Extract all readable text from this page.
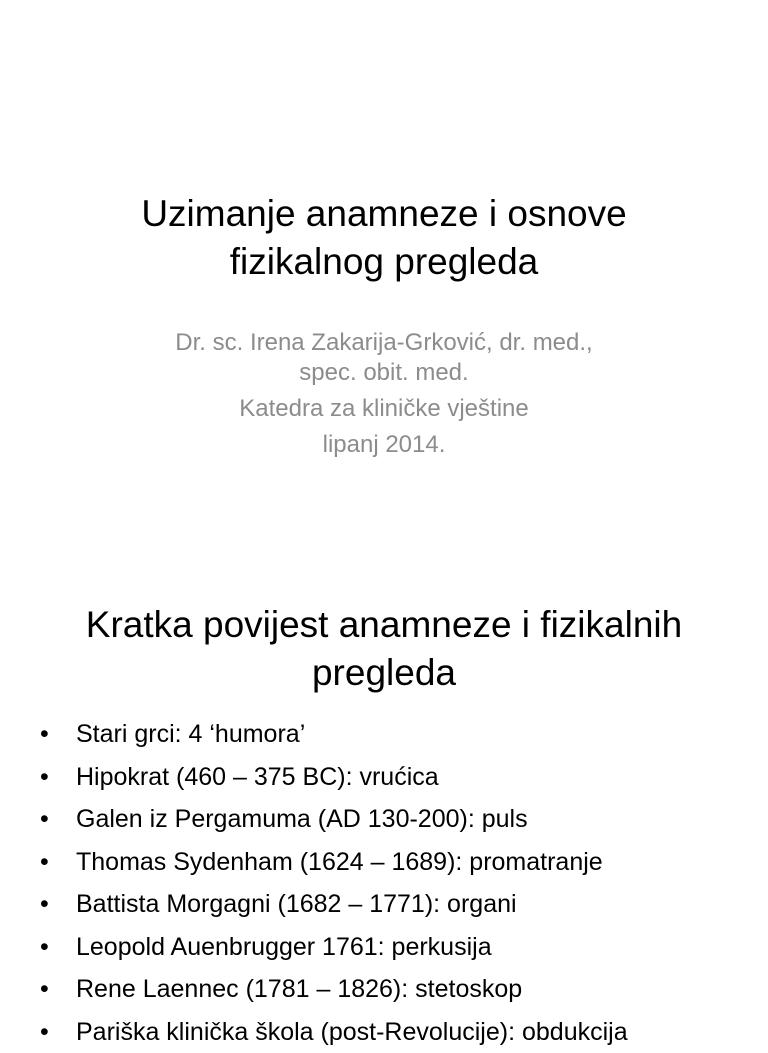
Uzimanje anamneze i osnove
fizikalnog pregleda
Dr. sc. Irena Zakarija-Grković, dr. med.,
spec. obit. med.
Katedra za kliničke vještine
lipanj 2014.
Kratka povijest anamneze i fizikalnih
pregleda
• Stari grci: 4 ‘humora’
• Hipokrat (460 – 375 BC): vrućica
• Galen iz Pergamuma (AD 130-200): puls
• Thomas Sydenham (1624 – 1689): promatranje
• Battista Morgagni (1682 – 1771): organi
• Leopold Auenbrugger 1761: perkusija
• Rene Laennec (1781 – 1826): stetoskop
• Pariška klinička škola (post-Revolucije): obdukcija
